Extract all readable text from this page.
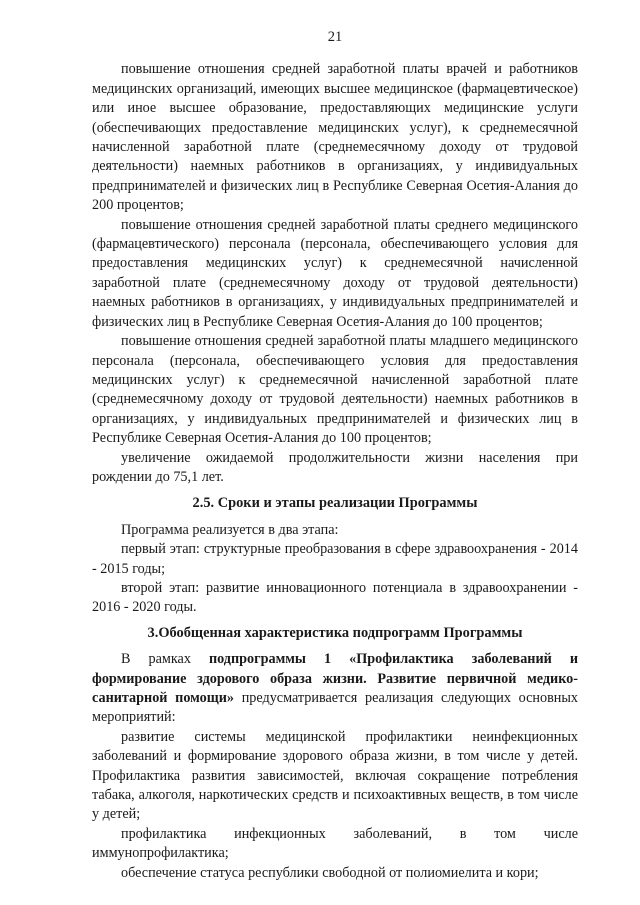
21

повышение отношения средней заработной платы врачей и работников медицинских организаций, имеющих высшее медицинское (фармацевтическое) или иное высшее образование, предоставляющих медицинские услуги (обеспечивающих предоставление медицинских услуг), к среднемесячной начисленной заработной плате (среднемесячному доходу от трудовой деятельности) наемных работников в организациях, у индивидуальных предпринимателей и физических лиц в Республике Северная Осетия-Алания до 200 процентов;

повышение отношения средней заработной платы среднего медицинского (фармацевтического) персонала (персонала, обеспечивающего условия для предоставления медицинских услуг) к среднемесячной начисленной заработной плате (среднемесячному доходу от трудовой деятельности) наемных работников в организациях, у индивидуальных предпринимателей и физических лиц в Республике Северная Осетия-Алания до 100 процентов;

повышение отношения средней заработной платы младшего медицинского персонала (персонала, обеспечивающего условия для предоставления медицинских услуг) к среднемесячной начисленной заработной плате (среднемесячному доходу от трудовой деятельности) наемных работников в организациях, у индивидуальных предпринимателей и физических лиц в Республике Северная Осетия-Алания до 100 процентов;

увеличение ожидаемой продолжительности жизни населения при рождении до 75,1 лет.

2.5. Сроки и этапы реализации Программы

Программа реализуется в два этапа:

первый этап: структурные преобразования в сфере здравоохранения - 2014 - 2015 годы;

второй этап: развитие инновационного потенциала в здравоохранении - 2016 - 2020 годы.

3.Обобщенная характеристика подпрограмм Программы

В рамках подпрограммы 1 «Профилактика заболеваний и формирование здорового образа жизни. Развитие первичной медико-санитарной помощи» предусматривается реализация следующих основных мероприятий:

развитие системы медицинской профилактики неинфекционных заболеваний и формирование здорового образа жизни, в том числе у детей. Профилактика развития зависимостей, включая сокращение потребления табака, алкоголя, наркотических средств и психоактивных веществ, в том числе у детей;

профилактика инфекционных заболеваний, в том числе иммунопрофилактика;

обеспечение статуса республики свободной от полиомиелита и кори;
